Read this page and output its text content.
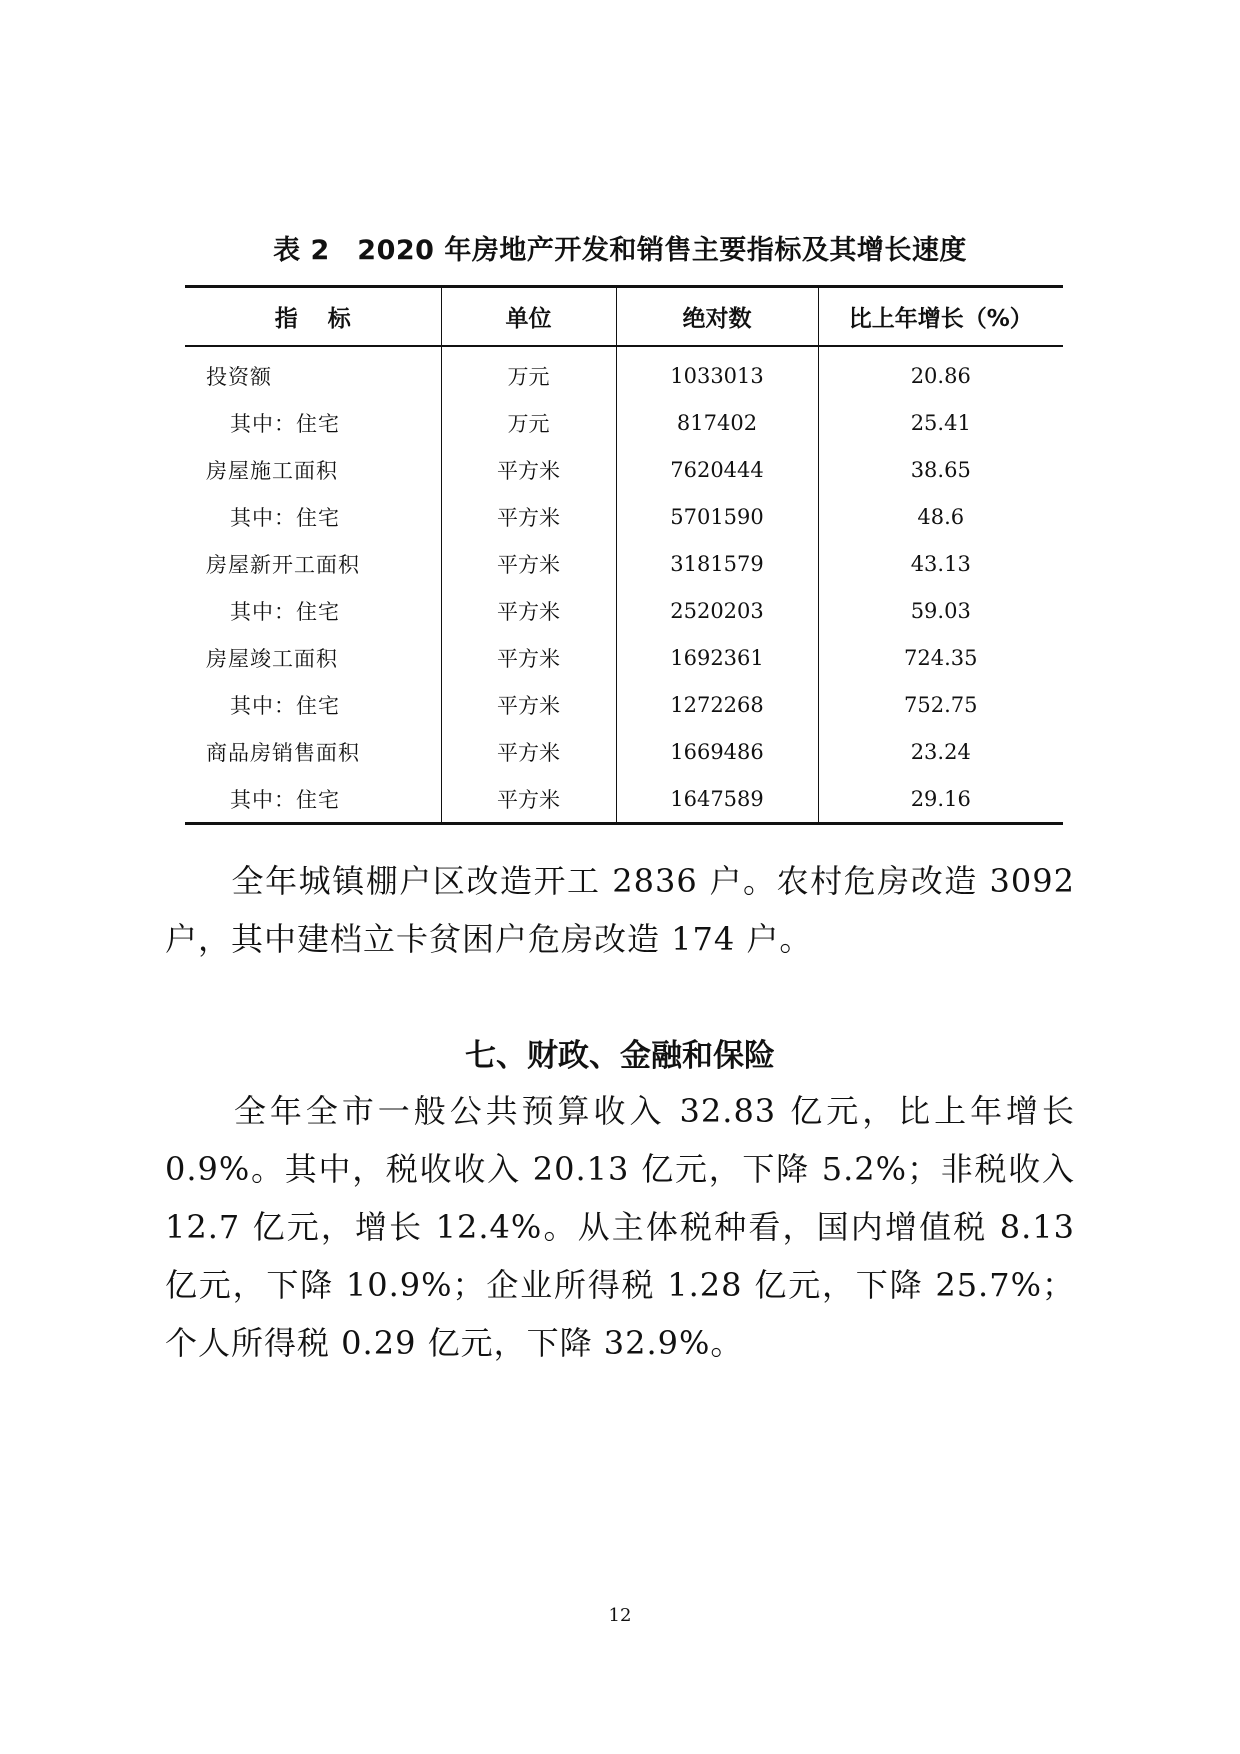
表 2　2020 年房地产开发和销售主要指标及其增长速度
指标	单位	绝对数	比上年增长（%）
投资额	万元	1033013	20.86
其中：住宅	万元	817402	25.41
房屋施工面积	平方米	7620444	38.65
其中：住宅	平方米	5701590	48.6
房屋新开工面积	平方米	3181579	43.13
其中：住宅	平方米	2520203	59.03
房屋竣工面积	平方米	1692361	724.35
其中：住宅	平方米	1272268	752.75
商品房销售面积	平方米	1669486	23.24
其中：住宅	平方米	1647589	29.16

全年城镇棚户区改造开工 2836 户。农村危房改造 3092 户，其中建档立卡贫困户危房改造 174 户。

七、财政、金融和保险

全年全市一般公共预算收入 32.83 亿元，比上年增长 0.9%。其中，税收收入 20.13 亿元，下降 5.2%；非税收入 12.7 亿元，增长 12.4%。从主体税种看，国内增值税 8.13 亿元，下降 10.9%；企业所得税 1.28 亿元，下降 25.7%；个人所得税 0.29 亿元，下降 32.9%。

12
